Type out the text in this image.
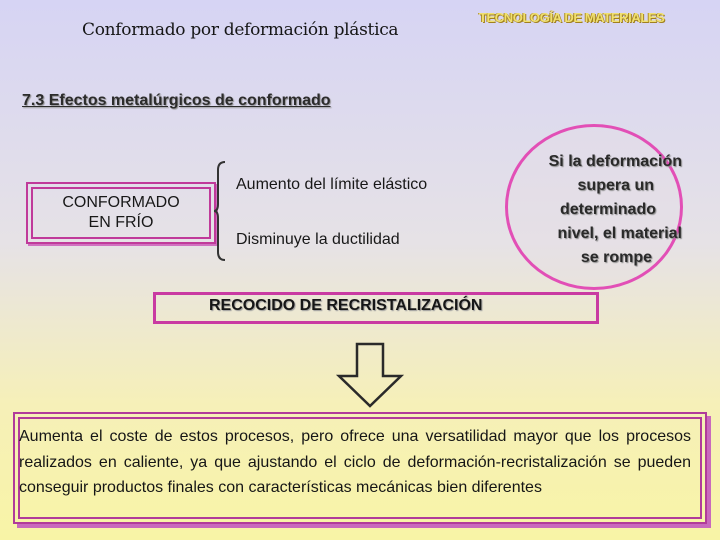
Conformado por deformación plástica
TECNOLOGÍA DE MATERIALES
7.3 Efectos metalúrgicos de conformado
CONFORMADO
EN FRÍO
Aumento del límite elástico
Disminuye la ductilidad
Si la deformación
supera un
determinado
nivel, el material
se rompe
RECOCIDO DE RECRISTALIZACIÓN
Aumenta el coste de estos procesos, pero ofrece una versatilidad mayor que los procesos realizados en caliente, ya que ajustando el ciclo de deformación-recristalización se pueden conseguir productos finales con características mecánicas bien diferentes
